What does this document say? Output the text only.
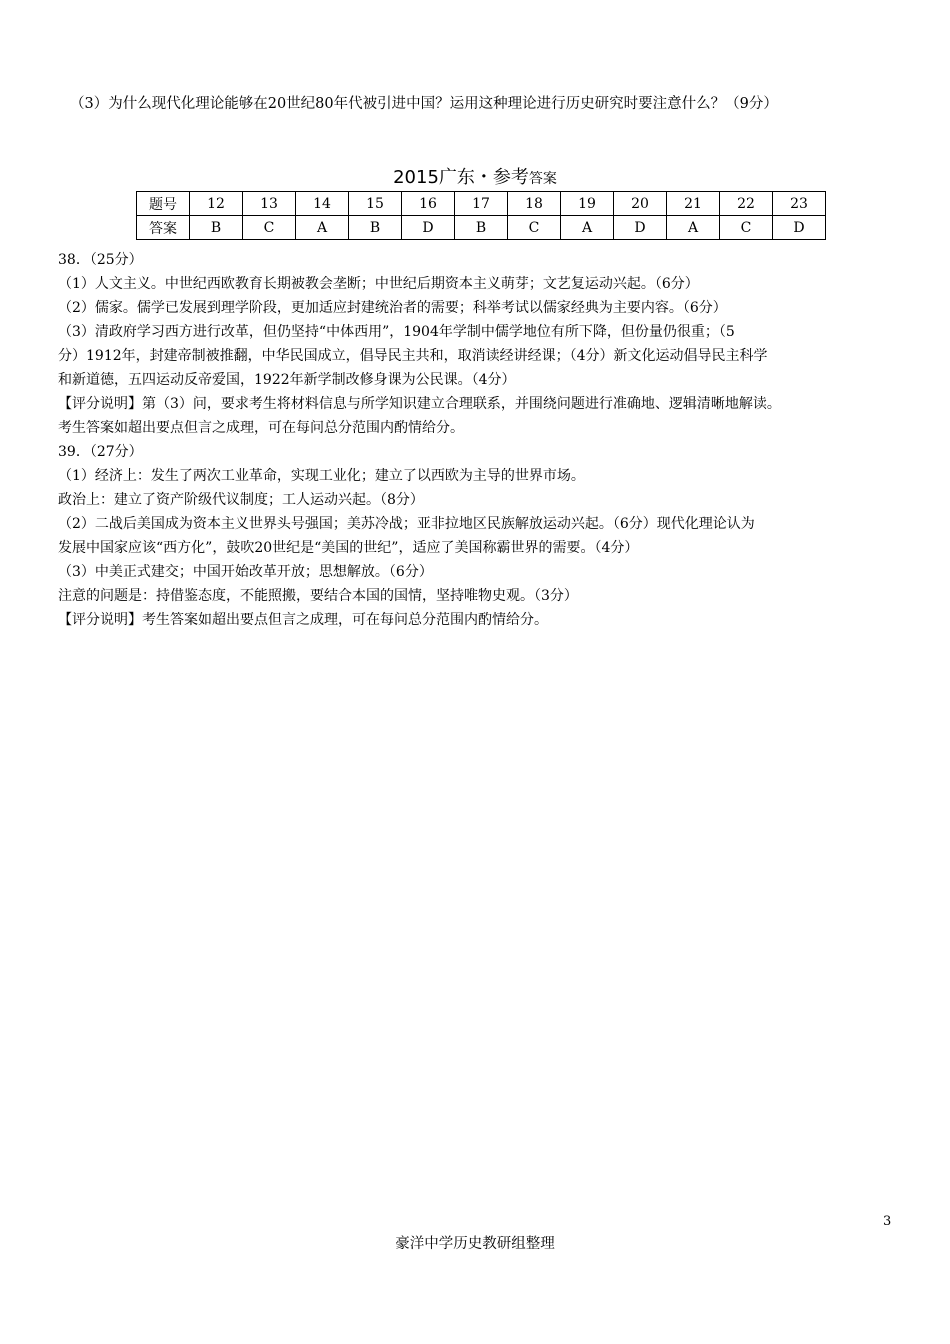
（3）为什么现代化理论能够在20世纪80年代被引进中国？运用这种理论进行历史研究时要注意什么？（9分）
2015广东・参考答案
题号	12	13	14	15	16	17	18	19	20	21	22	23
答案	B	C	A	B	D	B	C	A	D	A	C	D

38．（25分）

（1）人文主义。中世纪西欧教育长期被教会垄断；中世纪后期资本主义萌芽；文艺复运动兴起。（6分）

（2）儒家。儒学已发展到理学阶段，更加适应封建统治者的需要；科举考试以儒家经典为主要内容。（6分）

（3）清政府学习西方进行改革，但仍坚持“中体西用”，1904年学制中儒学地位有所下降，但份量仍很重；（5

分）1912年，封建帝制被推翻，中华民国成立，倡导民主共和，取消读经讲经课；（4分）新文化运动倡导民主科学

和新道德，五四运动反帝爱国，1922年新学制改修身课为公民课。（4分）

【评分说明】第（3）问，要求考生将材料信息与所学知识建立合理联系，并围绕问题进行准确地、逻辑清晰地解读。

考生答案如超出要点但言之成理，可在每问总分范围内酌情给分。

39．（27分）

（1）经济上：发生了两次工业革命，实现工业化；建立了以西欧为主导的世界市场。

政治上：建立了资产阶级代议制度；工人运动兴起。（8分）

（2）二战后美国成为资本主义世界头号强国；美苏冷战；亚非拉地区民族解放运动兴起。（6分）现代化理论认为

发展中国家应该“西方化”，鼓吹20世纪是“美国的世纪”，适应了美国称霸世界的需要。（4分）

（3）中美正式建交；中国开始改革开放；思想解放。（6分）

注意的问题是：持借鉴态度，不能照搬，要结合本国的国情，坚持唯物史观。（3分）

【评分说明】考生答案如超出要点但言之成理，可在每问总分范围内酌情给分。

3
豪洋中学历史教研组整理
